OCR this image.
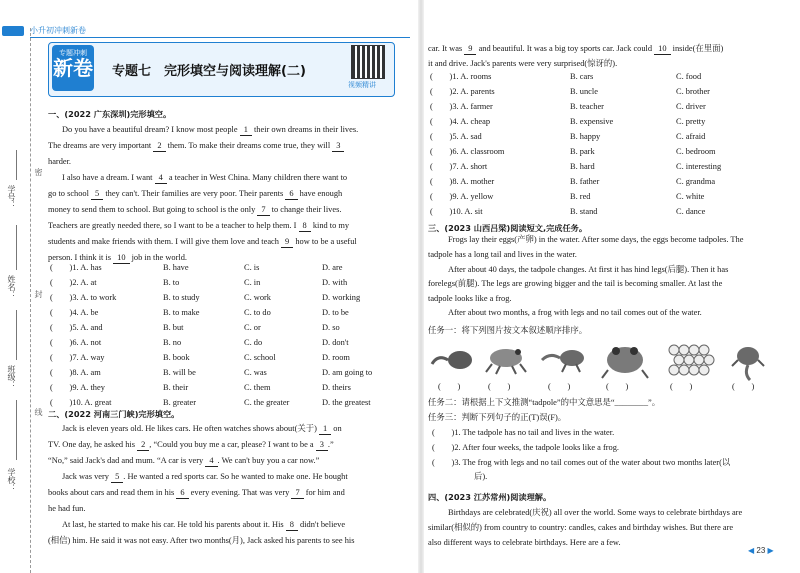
小升初冲刺新卷
学号：
姓名：
班级：
学校：
密
封
线
专题冲刺
新卷 专题七　完形填空与阅读理解(二)
视频精讲
一、(2022 广东深圳)完形填空。
Do you have a beautiful dream? I know most people 1 their own dreams in their lives.
The dreams are very important 2 them. To make their dreams come true, they will 3
harder.
I also have a dream. I want 4 a teacher in West China. Many children there want to
go to school 5 they can't. Their families are very poor. Their parents 6 have enough
money to send them to school. But going to school is the only 7 to change their lives.
Teachers are greatly needed there, so I want to be a teacher to help them. I 8 kind to my
students and make friends with them. I will give them love and teach 9 how to be a useful
person. I think it is 10 job in the world.
(　　)1. A. has	B. have	C. is	D. are
(　　)2. A. at	B. to	C. in	D. with
(　　)3. A. to work	B. to study	C. work	D. working
(　　)4. A. be	B. to make	C. to do	D. to be
(　　)5. A. and	B. but	C. or	D. so
(　　)6. A. not	B. no	C. do	D. don't
(　　)7. A. way	B. book	C. school	D. room
(　　)8. A. am	B. will be	C. was	D. am going to
(　　)9. A. they	B. their	C. them	D. theirs
(　　)10. A. great	B. greater	C. the greater	D. the greatest
二、(2022 河南三门峡)完形填空。
Jack is eleven years old. He likes cars. He often watches shows about(关于) 1 on
TV. One day, he asked his 2 , “Could you buy me a car, please? I want to be a 3 .”
“No,” said Jack's dad and mum. “A car is very 4 . We can't buy you a car now.”
Jack was very 5 . He wanted a red sports car. So he wanted to make one. He bought
books about cars and read them in his 6 every evening. That was very 7 for him and
he had fun.
At last, he started to make his car. He told his parents about it. His 8 didn't believe
(相信) him. He said it was not easy. After two months(月), Jack asked his parents to see his
car. It was 9 and beautiful. It was a big toy sports car. Jack could 10 inside(在里面)
it and drive. Jack's parents were very surprised(惊讶的).
(　　)1. A. rooms	B. cars	C. food
(　　)2. A. parents	B. uncle	C. brother
(　　)3. A. farmer	B. teacher	C. driver
(　　)4. A. cheap	B. expensive	C. pretty
(　　)5. A. sad	B. happy	C. afraid
(　　)6. A. classroom	B. park	C. bedroom
(　　)7. A. short	B. hard	C. interesting
(　　)8. A. mother	B. father	C. grandma
(　　)9. A. yellow	B. red	C. white
(　　)10. A. sit	B. stand	C. dance
三、(2023 山西吕梁)阅读短文,完成任务。
Frogs lay their eggs(产卵) in the water. After some days, the eggs become tadpoles. The
tadpole has a long tail and lives in the water.
After about 40 days, the tadpole changes. At first it has hind legs(后腿). Then it has
forelegs(前腿). The legs are growing bigger and the tail is becoming smaller. At last the
tadpole looks like a frog.
After about two months, a frog with legs and no tail comes out of the water.
任务一：将下列图片按文本叙述顺序排序。
(　　)	(　　)	(　　)	(　　)	(　　)	(　　)
任务二：请根据上下文推测“tadpole”的中文意思是“________”。
任务三：判断下列句子的正(T)误(F)。
(　　)1. The tadpole has no tail and lives in the water.
(　　)2. After four weeks, the tadpole looks like a frog.
(　　)3. The frog with legs and no tail comes out of the water about two months later(以
后).
四、(2023 江苏常州)阅读理解。
Birthdays are celebrated(庆祝) all over the world. Some ways to celebrate birthdays are
similar(相似的) from country to country: candles, cakes and birthday wishes. But there are
also different ways to celebrate birthdays. Here are a few.
◀ 23 ▶
